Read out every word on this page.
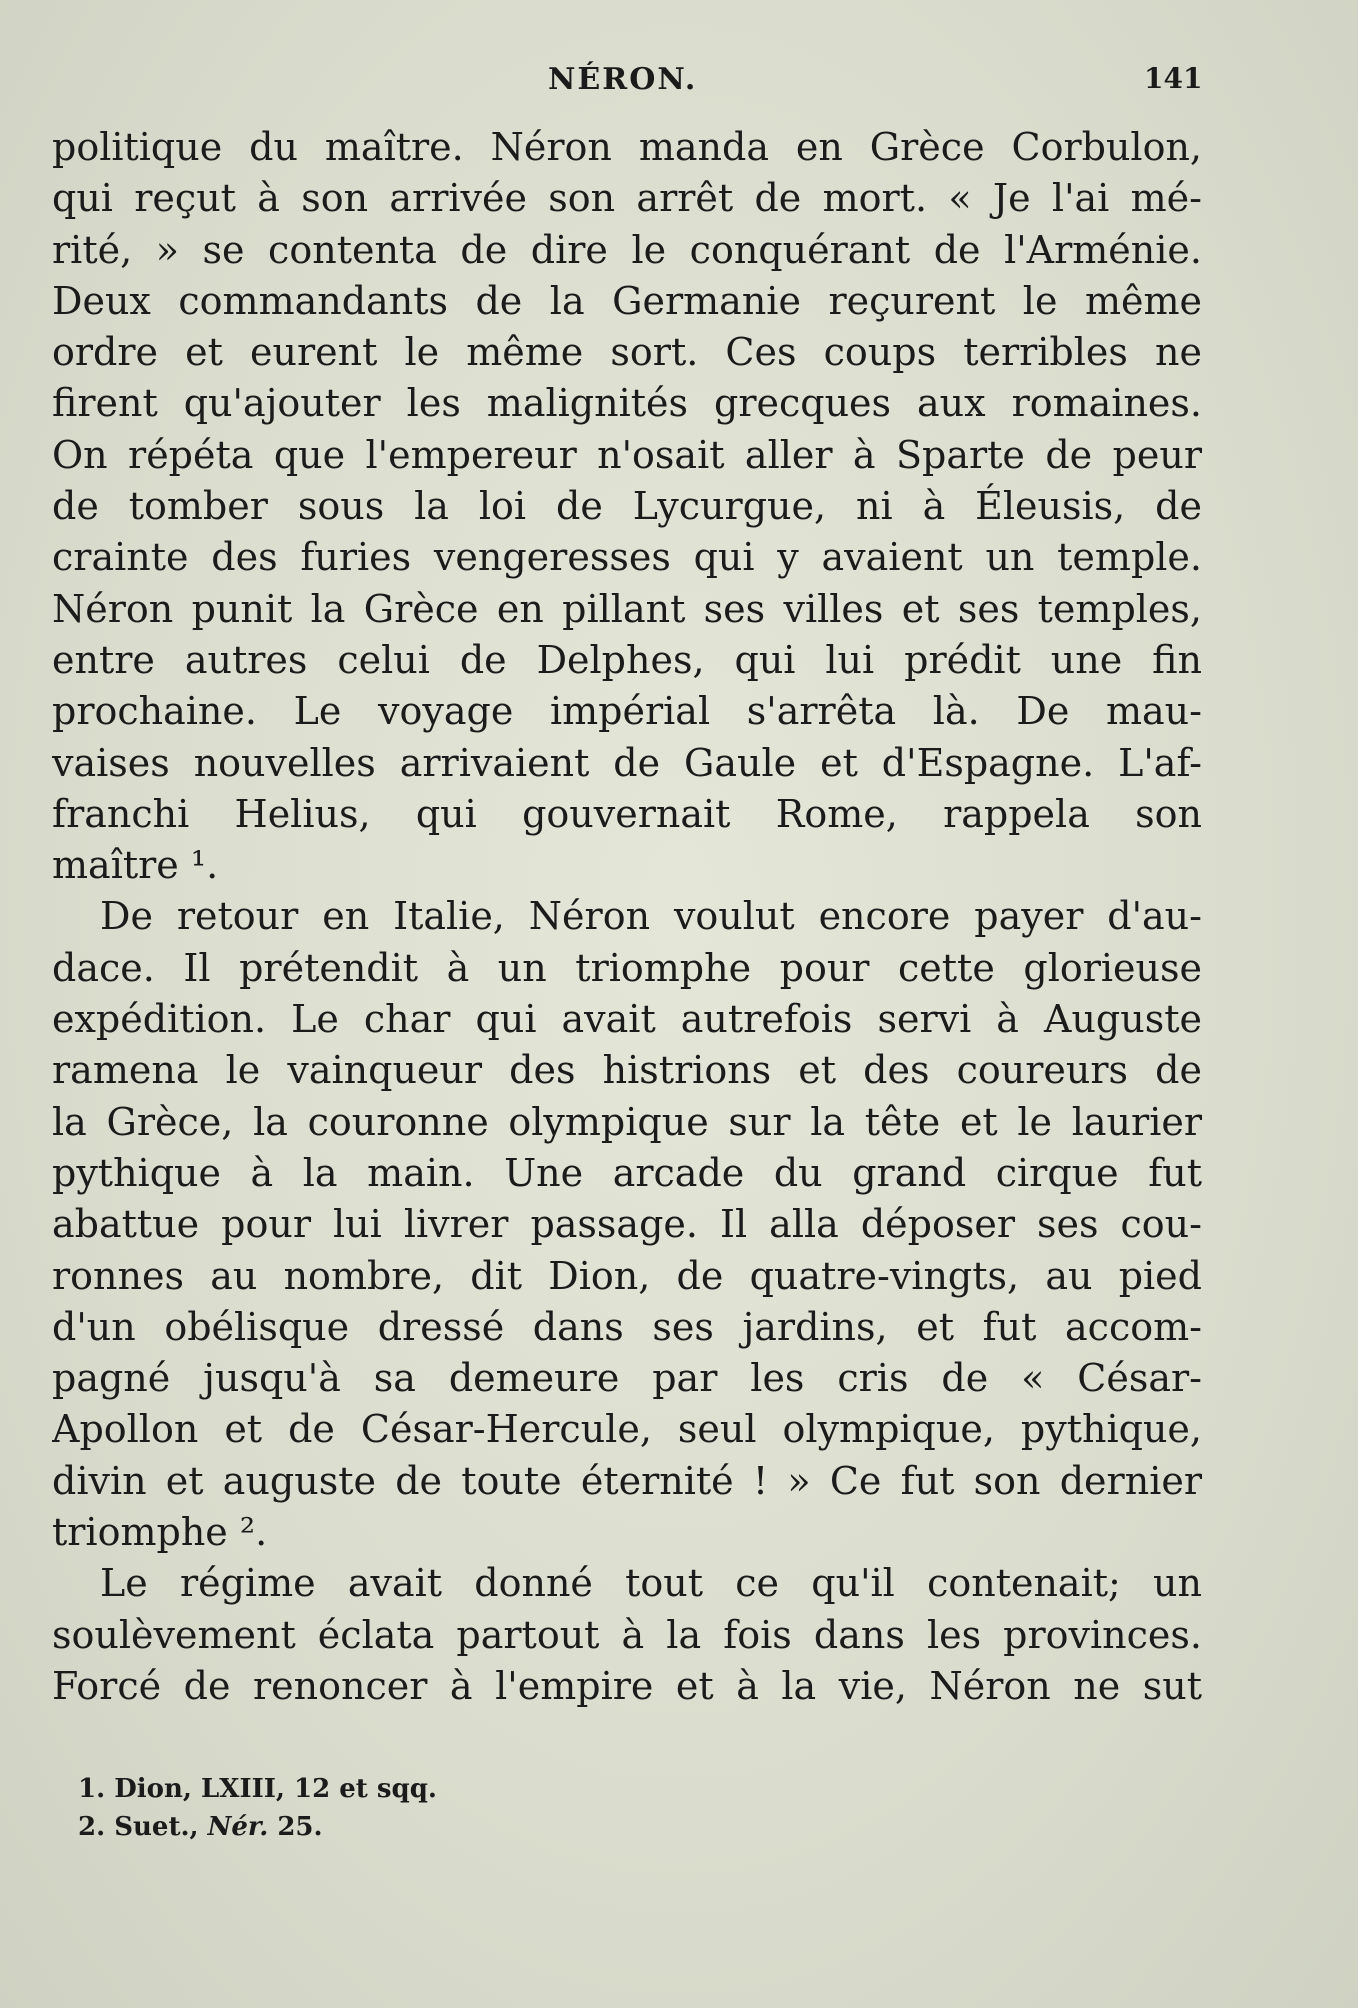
NÉRON.	141
politique du maître. Néron manda en Grèce Corbulon,
qui reçut à son arrivée son arrêt de mort. « Je l'ai mé-
rité, » se contenta de dire le conquérant de l'Arménie.
Deux commandants de la Germanie reçurent le même
ordre et eurent le même sort. Ces coups terribles ne
firent qu'ajouter les malignités grecques aux romaines.
On répéta que l'empereur n'osait aller à Sparte de peur
de tomber sous la loi de Lycurgue, ni à Éleusis, de
crainte des furies vengeresses qui y avaient un temple.
Néron punit la Grèce en pillant ses villes et ses temples,
entre autres celui de Delphes, qui lui prédit une fin
prochaine. Le voyage impérial s'arrêta là. De mau-
vaises nouvelles arrivaient de Gaule et d'Espagne. L'af-
franchi Helius, qui gouvernait Rome, rappela son
maître ¹.
De retour en Italie, Néron voulut encore payer d'au-
dace. Il prétendit à un triomphe pour cette glorieuse
expédition. Le char qui avait autrefois servi à Auguste
ramena le vainqueur des histrions et des coureurs de
la Grèce, la couronne olympique sur la tête et le laurier
pythique à la main. Une arcade du grand cirque fut
abattue pour lui livrer passage. Il alla déposer ses cou-
ronnes au nombre, dit Dion, de quatre-vingts, au pied
d'un obélisque dressé dans ses jardins, et fut accom-
pagné jusqu'à sa demeure par les cris de « César-
Apollon et de César-Hercule, seul olympique, pythique,
divin et auguste de toute éternité ! » Ce fut son dernier
triomphe ².
Le régime avait donné tout ce qu'il contenait; un
soulèvement éclata partout à la fois dans les provinces.
Forcé de renoncer à l'empire et à la vie, Néron ne sut
1. Dion, LXIII, 12 et sqq.
2. Suet., Nér. 25.
